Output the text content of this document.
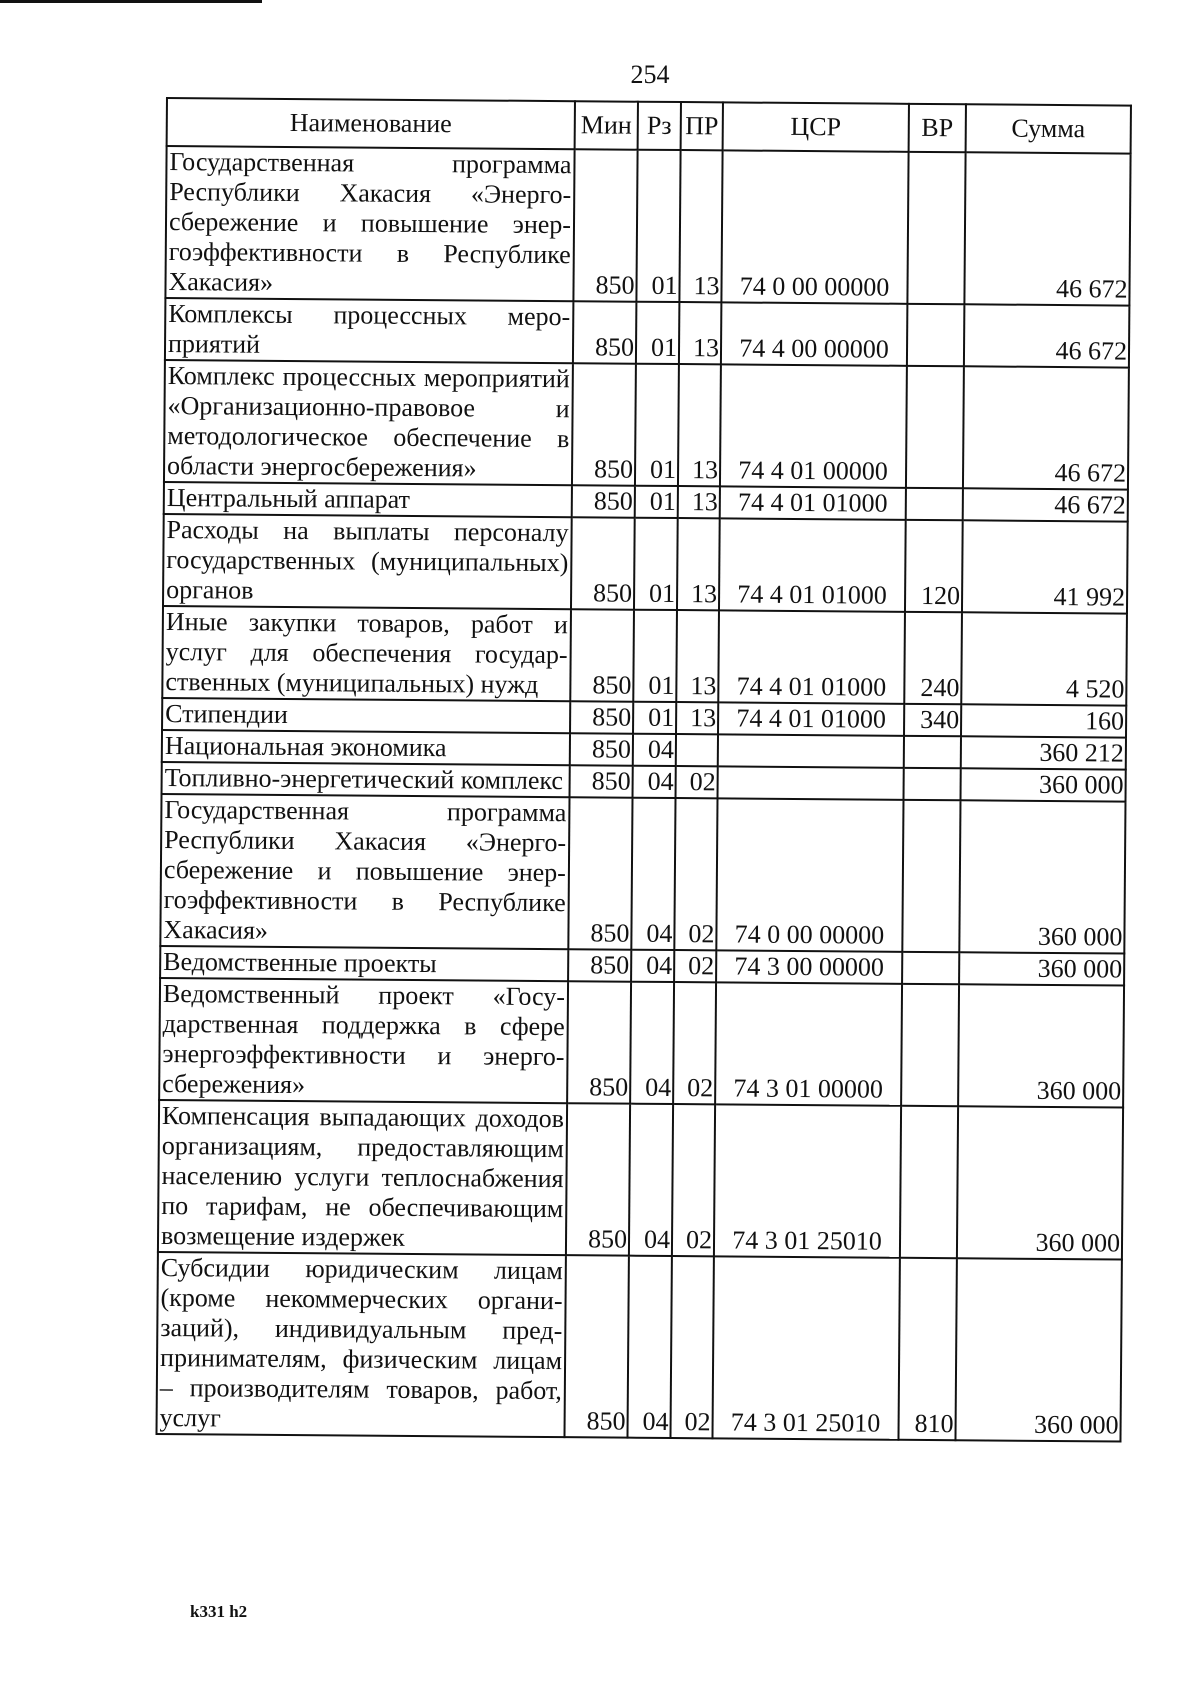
254
Наименование	Мин	Рз	ПР	ЦСР	ВР	Сумма
Государственная программа Республики Хакасия «Энергосбережение и повышение энергоэффективности в Республике Хакасия»	850	01	13	74 0 00 00000		46 672
Комплексы процессных мероприятий	850	01	13	74 4 00 00000		46 672
Комплекс процессных мероприятий «Организационно-правовое и методологическое обеспечение в области энергосбережения»	850	01	13	74 4 01 00000		46 672
Центральный аппарат	850	01	13	74 4 01 01000		46 672
Расходы на выплаты персоналу государственных (муниципальных) органов	850	01	13	74 4 01 01000	120	41 992
Иные закупки товаров, работ и услуг для обеспечения государственных (муниципальных) нужд	850	01	13	74 4 01 01000	240	4 520
Стипендии	850	01	13	74 4 01 01000	340	160
Национальная экономика	850	04				360 212
Топливно-энергетический комплекс	850	04	02			360 000
Государственная программа Республики Хакасия «Энергосбережение и повышение энергоэффективности в Республике Хакасия»	850	04	02	74 0 00 00000		360 000
Ведомственные проекты	850	04	02	74 3 00 00000		360 000
Ведомственный проект «Государственная поддержка в сфере энергоэффективности и энергосбережения»	850	04	02	74 3 01 00000		360 000
Компенсация выпадающих доходов организациям, предоставляющим населению услуги теплоснабжения по тарифам, не обеспечивающим возмещение издержек	850	04	02	74 3 01 25010		360 000
Субсидии юридическим лицам (кроме некоммерческих организаций), индивидуальным предпринимателям, физическим лицам – производителям товаров, работ, услуг	850	04	02	74 3 01 25010	810	360 000
k331 h2
